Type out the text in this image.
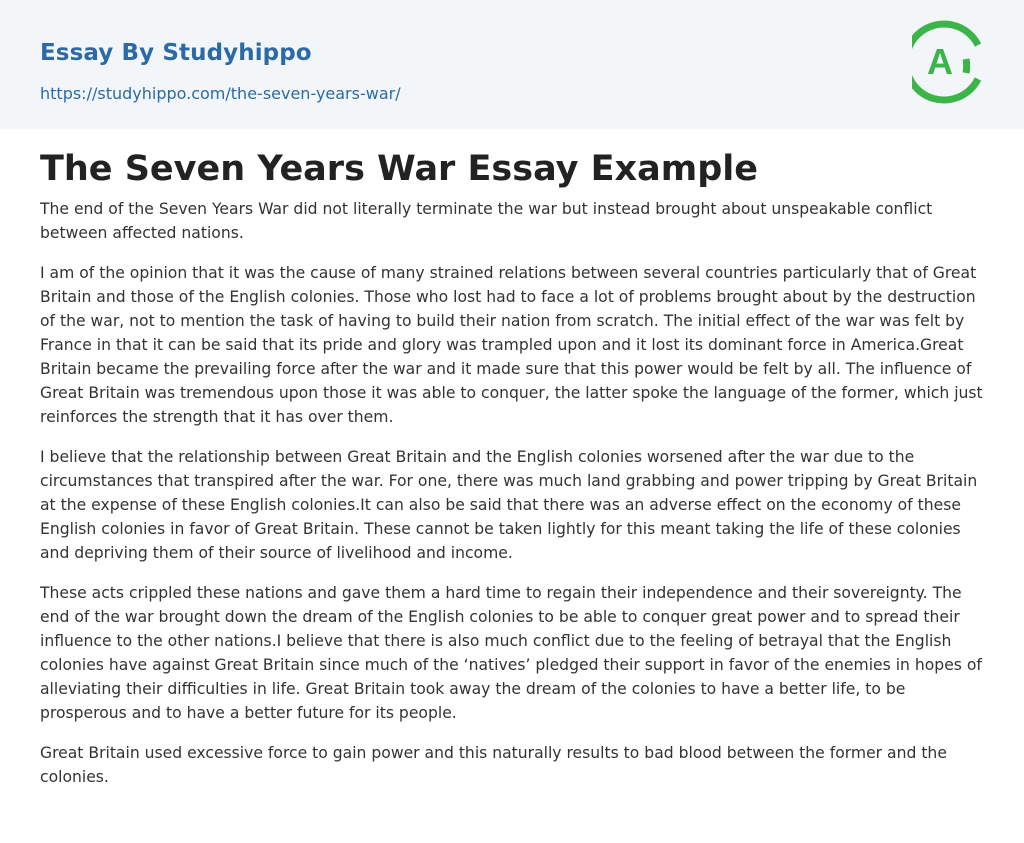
Essay By Studyhippo
https://studyhippo.com/the-seven-years-war/
A
The Seven Years War Essay Example

The end of the Seven Years War did not literally terminate the war but instead brought about unspeakable conflict between affected nations.

I am of the opinion that it was the cause of many strained relations between several countries particularly that of Great Britain and those of the English colonies. Those who lost had to face a lot of problems brought about by the destruction of the war, not to mention the task of having to build their nation from scratch. The initial effect of the war was felt by France in that it can be said that its pride and glory was trampled upon and it lost its dominant force in America.Great Britain became the prevailing force after the war and it made sure that this power would be felt by all. The influence of Great Britain was tremendous upon those it was able to conquer, the latter spoke the language of the former, which just reinforces the strength that it has over them.

I believe that the relationship between Great Britain and the English colonies worsened after the war due to the circumstances that transpired after the war. For one, there was much land grabbing and power tripping by Great Britain at the expense of these English colonies.It can also be said that there was an adverse effect on the economy of these English colonies in favor of Great Britain. These cannot be taken lightly for this meant taking the life of these colonies and depriving them of their source of livelihood and income.

These acts crippled these nations and gave them a hard time to regain their independence and their sovereignty. The end of the war brought down the dream of the English colonies to be able to conquer great power and to spread their influence to the other nations.I believe that there is also much conflict due to the feeling of betrayal that the English colonies have against Great Britain since much of the ‘natives’ pledged their support in favor of the enemies in hopes of alleviating their difficulties in life. Great Britain took away the dream of the colonies to have a better life, to be prosperous and to have a better future for its people.

Great Britain used excessive force to gain power and this naturally results to bad blood between the former and the colonies.
